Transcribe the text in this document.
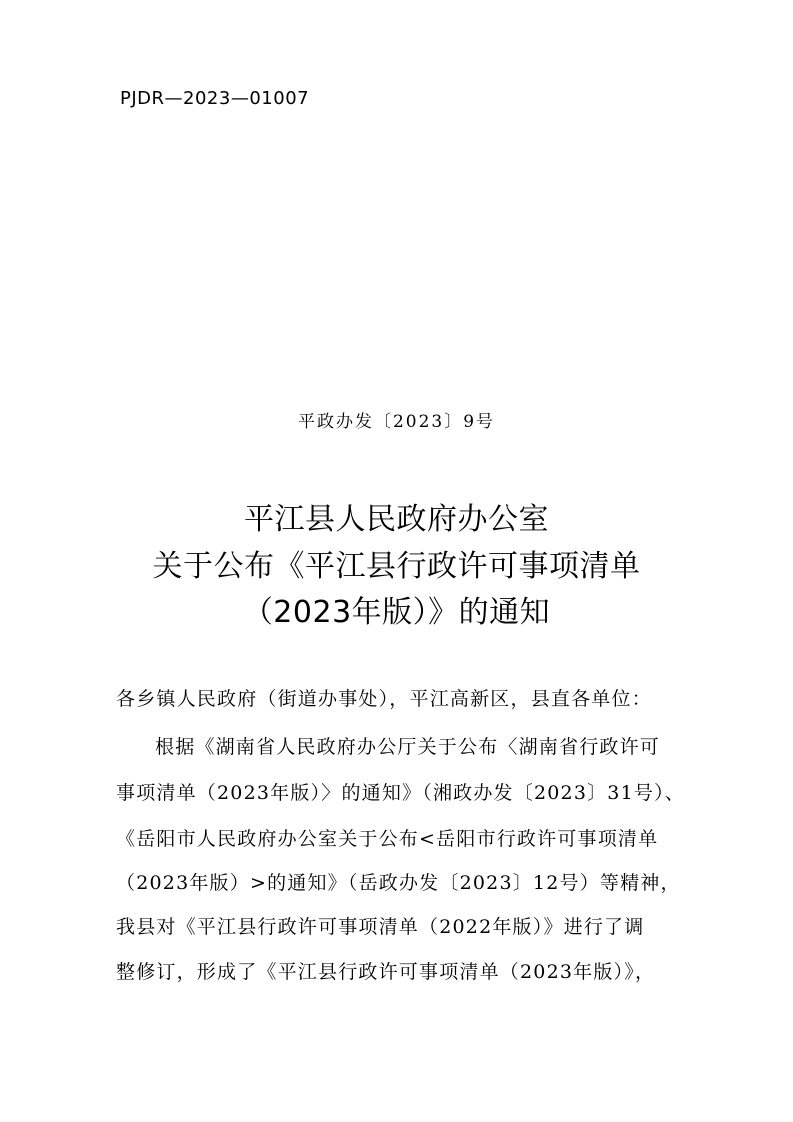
PJDR—2023—01007
平政办发〔2023〕9号
平江县人民政府办公室
关于公布《平江县行政许可事项清单
（2023年版）》的通知
各乡镇人民政府（街道办事处），平江高新区，县直各单位：
根据《湖南省人民政府办公厅关于公布〈湖南省行政许可
事项清单（2023年版）〉的通知》（湘政办发〔2023〕31号）、
《岳阳市人民政府办公室关于公布<岳阳市行政许可事项清单
（2023年版）>的通知》（岳政办发〔2023〕12号）等精神，
我县对《平江县行政许可事项清单（2022年版）》进行了调
整修订，形成了《平江县行政许可事项清单（2023年版）》，
